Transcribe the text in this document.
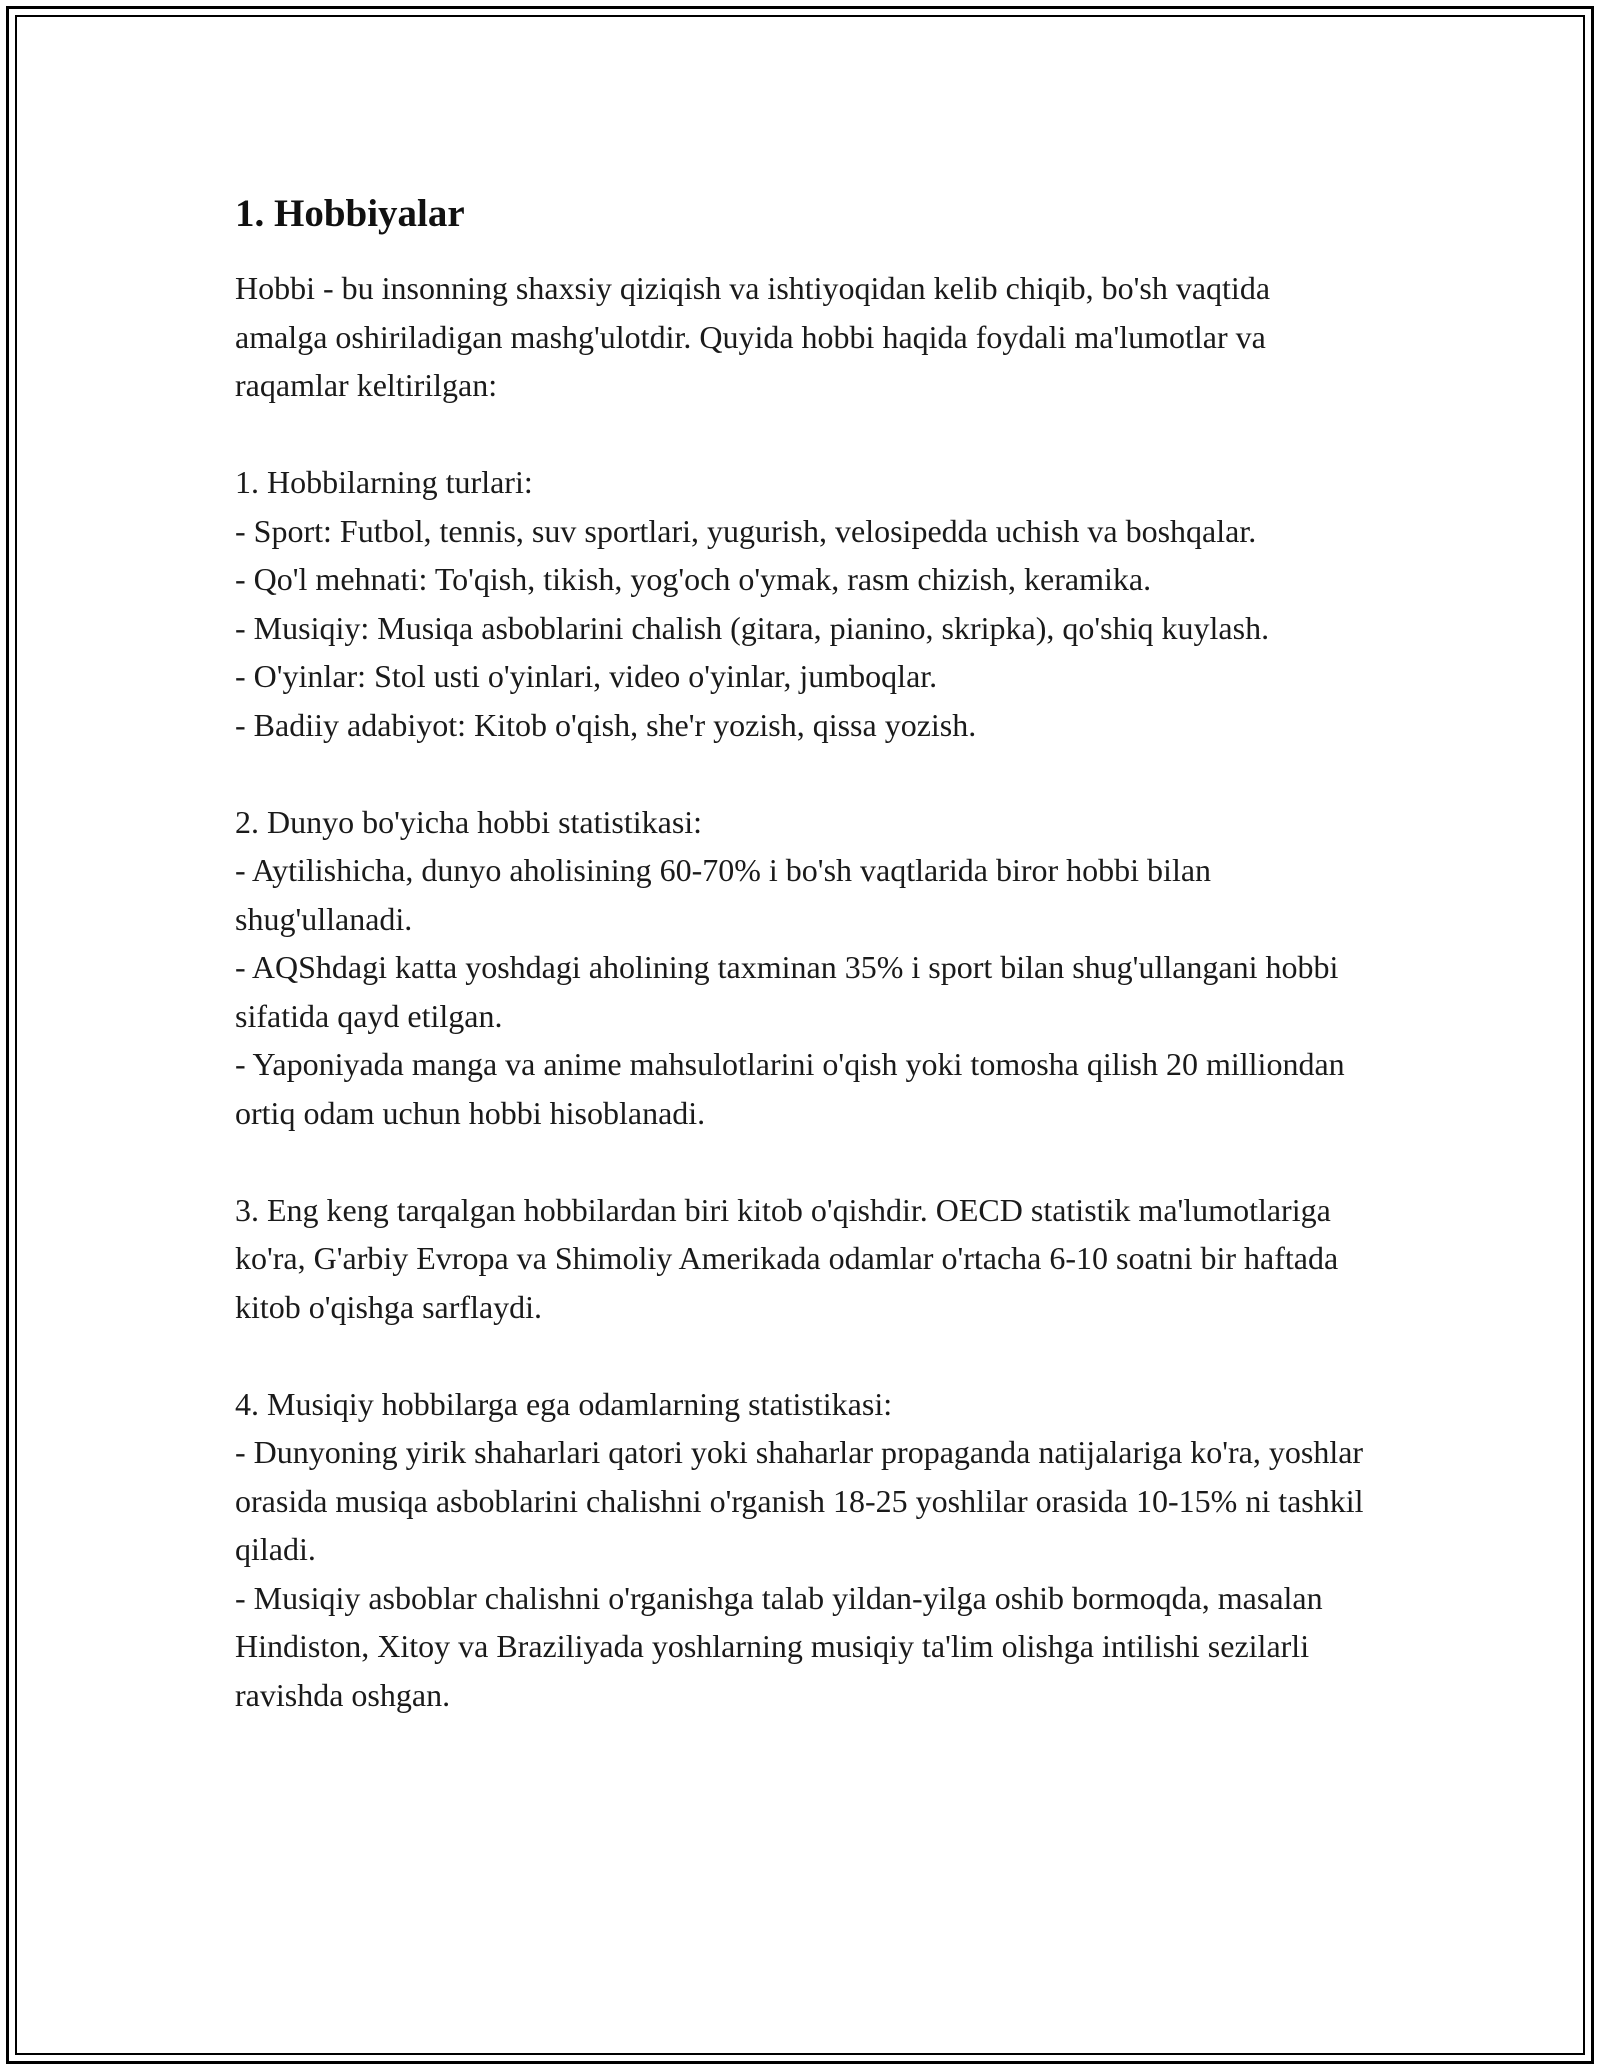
1. Hobbiyalar

Hobbi - bu insonning shaxsiy qiziqish va ishtiyoqidan kelib chiqib, bo'sh vaqtida amalga oshiriladigan mashg'ulotdir. Quyida hobbi haqida foydali ma'lumotlar va raqamlar keltirilgan:

1. Hobbilarning turlari:

- Sport: Futbol, tennis, suv sportlari, yugurish, velosipedda uchish va boshqalar.

- Qo'l mehnati: To'qish, tikish, yog'och o'ymak, rasm chizish, keramika.

- Musiqiy: Musiqa asboblarini chalish (gitara, pianino, skripka), qo'shiq kuylash.

- O'yinlar: Stol usti o'yinlari, video o'yinlar, jumboqlar.

- Badiiy adabiyot: Kitob o'qish, she'r yozish, qissa yozish.

2. Dunyo bo'yicha hobbi statistikasi:

- Aytilishicha, dunyo aholisining 60-70% i bo'sh vaqtlarida biror hobbi bilan shug'ullanadi.

- AQShdagi katta yoshdagi aholining taxminan 35% i sport bilan shug'ullangani hobbi sifatida qayd etilgan.

- Yaponiyada manga va anime mahsulotlarini o'qish yoki tomosha qilish 20 milliondan ortiq odam uchun hobbi hisoblanadi.

3. Eng keng tarqalgan hobbilardan biri kitob o'qishdir. OECD statistik ma'lumotlariga ko'ra, G'arbiy Evropa va Shimoliy Amerikada odamlar o'rtacha 6-10 soatni bir haftada kitob o'qishga sarflaydi.

4. Musiqiy hobbilarga ega odamlarning statistikasi:

- Dunyoning yirik shaharlari qatori yoki shaharlar propaganda natijalariga ko'ra, yoshlar orasida musiqa asboblarini chalishni o'rganish 18-25 yoshlilar orasida 10-15% ni tashkil qiladi.

- Musiqiy asboblar chalishni o'rganishga talab yildan-yilga oshib bormoqda, masalan Hindiston, Xitoy va Braziliyada yoshlarning musiqiy ta'lim olishga intilishi sezilarli ravishda oshgan.
